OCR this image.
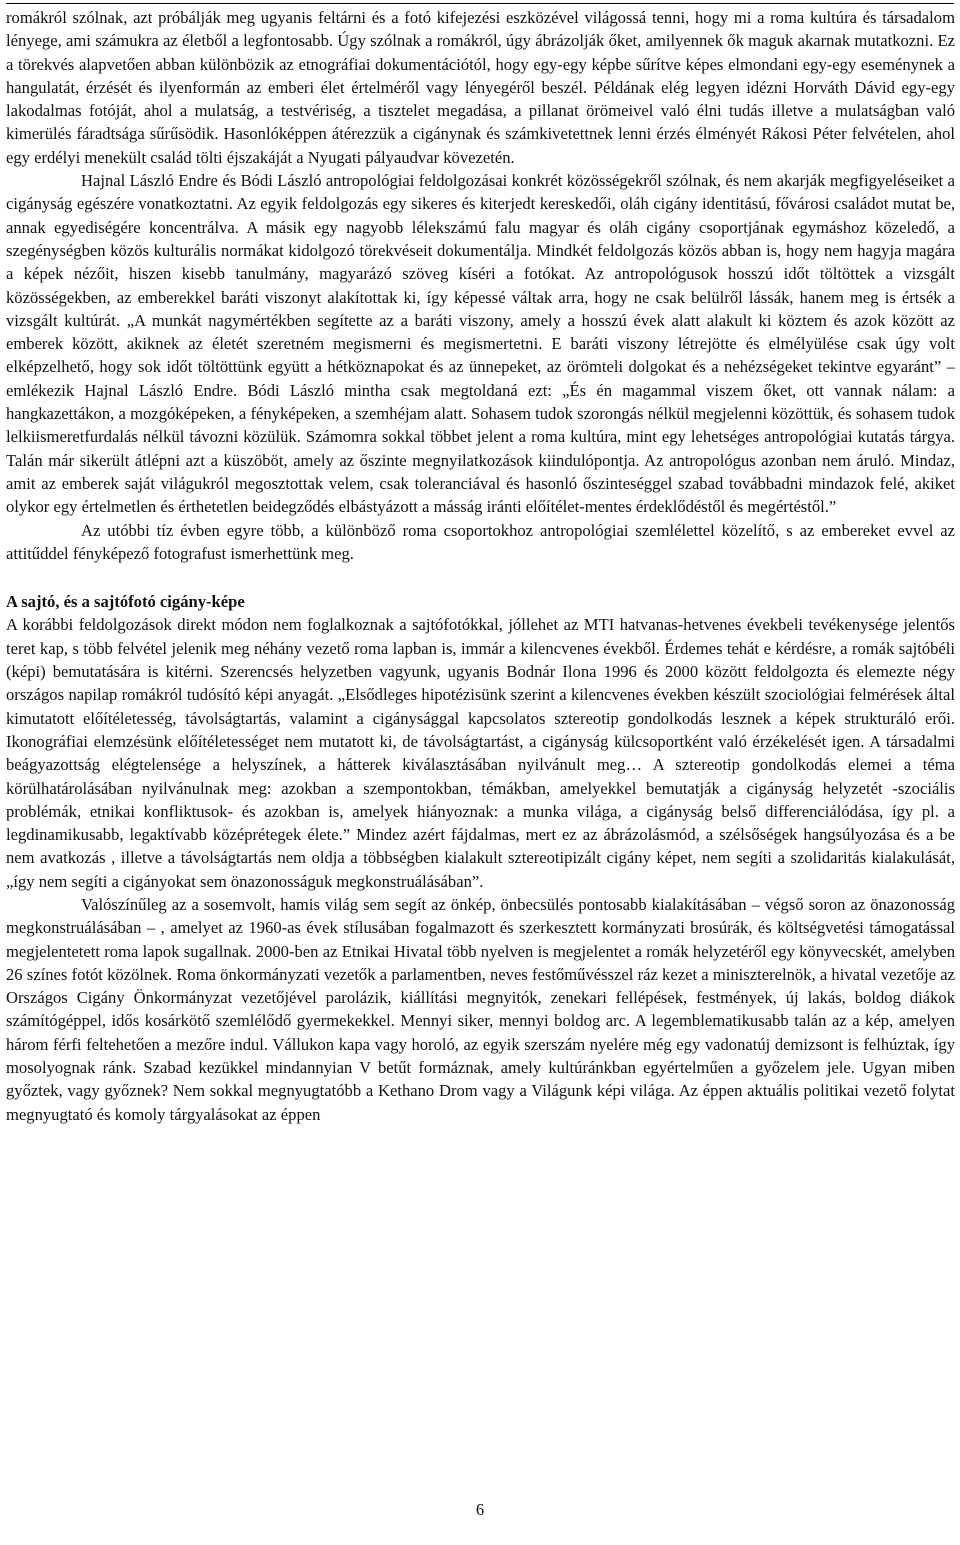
romákról szólnak, azt próbálják meg ugyanis feltárni és a fotó kifejezési eszközével világossá tenni, hogy mi a roma kultúra és társadalom lényege, ami számukra az életből a legfontosabb. Úgy szólnak a romákról, úgy ábrázolják őket, amilyennek ők maguk akarnak mutatkozni. Ez a törekvés alapvetően abban különbözik az etnográfiai dokumentációtól, hogy egy-egy képbe sűrítve képes elmondani egy-egy eseménynek a hangulatát, érzését és ilyenformán az emberi élet értelméről vagy lényegéről beszél. Példának elég legyen idézni Horváth Dávid egy-egy lakodalmas fotóját, ahol a mulatság, a testvériség, a tisztelet megadása, a pillanat örömeivel való élni tudás illetve a mulatságban való kimerülés fáradtsága sűrűsödik. Hasonlóképpen átérezzük a cigánynak és számkivetettnek lenni érzés élményét Rákosi Péter felvételen, ahol egy erdélyi menekült család tölti éjszakáját a Nyugati pályaudvar kövezetén.

Hajnal László Endre és Bódi László antropológiai feldolgozásai konkrét közösségekről szólnak, és nem akarják megfigyeléseiket a cigányság egészére vonatkoztatni. Az egyik feldolgozás egy sikeres és kiterjedt kereskedői, oláh cigány identitású, fővárosi családot mutat be, annak egyediségére koncentrálva. A másik egy nagyobb lélekszámú falu magyar és oláh cigány csoportjának egymáshoz közeledő, a szegénységben közös kulturális normákat kidolgozó törekvéseit dokumentálja. Mindkét feldolgozás közös abban is, hogy nem hagyja magára a képek nézőit, hiszen kisebb tanulmány, magyarázó szöveg kíséri a fotókat. Az antropológusok hosszú időt töltöttek a vizsgált közösségekben, az emberekkel baráti viszonyt alakítottak ki, így képessé váltak arra, hogy ne csak belülről lássák, hanem meg is értsék a vizsgált kultúrát. „A munkát nagymértékben segítette az a baráti viszony, amely a hosszú évek alatt alakult ki köztem és azok között az emberek között, akiknek az életét szeretném megismerni és megismertetni. E baráti viszony létrejötte és elmélyülése csak úgy volt elképzelhető, hogy sok időt töltöttünk együtt a hétköznapokat és az ünnepeket, az örömteli dolgokat és a nehézségeket tekintve egyaránt” – emlékezik Hajnal László Endre. Bódi László mintha csak megtoldaná ezt: „És én magammal viszem őket, ott vannak nálam: a hangkazettákon, a mozgóképeken, a fényképeken, a szemhéjam alatt. Sohasem tudok szorongás nélkül megjelenni közöttük, és sohasem tudok lelkiismeretfurdalás nélkül távozni közülük. Számomra sokkal többet jelent a roma kultúra, mint egy lehetséges antropológiai kutatás tárgya. Talán már sikerült átlépni azt a küszöböt, amely az őszinte megnyilatkozások kiindulópontja. Az antropológus azonban nem áruló. Mindaz, amit az emberek saját világukról megosztottak velem, csak toleranciával és hasonló őszinteséggel szabad továbbadni mindazok felé, akiket olykor egy értelmetlen és érthetetlen beidegződés elbástyázott a másság iránti előítélet-mentes érdeklődéstől és megértéstől.”

Az utóbbi tíz évben egyre több, a különböző roma csoportokhoz antropológiai szemlélettel közelítő, s az embereket evvel az attitűddel fényképező fotografust ismerhettünk meg.

A sajtó, és a sajtófotó cigány-képe

A korábbi feldolgozások direkt módon nem foglalkoznak a sajtófotókkal, jóllehet az MTI hatvanas-hetvenes évekbeli tevékenysége jelentős teret kap, s több felvétel jelenik meg néhány vezető roma lapban is, immár a kilencvenes évekből. Érdemes tehát e kérdésre, a romák sajtóbéli (képi) bemutatására is kitérni. Szerencsés helyzetben vagyunk, ugyanis Bodnár Ilona 1996 és 2000 között feldolgozta és elemezte négy országos napilap romákról tudósító képi anyagát. „Elsődleges hipotézisünk szerint a kilencvenes években készült szociológiai felmérések által kimutatott előítéletesség, távolságtartás, valamint a cigánysággal kapcsolatos sztereotip gondolkodás lesznek a képek strukturáló erői. Ikonográfiai elemzésünk előítéletességet nem mutatott ki, de távolságtartást, a cigányság külcsoportként való érzékelését igen. A társadalmi beágyazottság elégtelensége a helyszínek, a hátterek kiválasztásában nyilvánult meg… A sztereotip gondolkodás elemei a téma körülhatárolásában nyilvánulnak meg: azokban a szempontokban, témákban, amelyekkel bemutatják a cigányság helyzetét -szociális problémák, etnikai konfliktusok- és azokban is, amelyek hiányoznak: a munka világa, a cigányság belső differenciálódása, így pl. a legdinamikusabb, legaktívabb középrétegek élete.” Mindez azért fájdalmas, mert ez az ábrázolásmód, a szélsőségek hangsúlyozása és a be nem avatkozás , illetve a távolságtartás nem oldja a többségben kialakult sztereotipizált cigány képet, nem segíti a szolidaritás kialakulását, „így nem segíti a cigányokat sem önazonosságuk megkonstruálásában”.

Valószínűleg az a sosemvolt, hamis világ sem segít az önkép, önbecsülés pontosabb kialakításában – végső soron az önazonosság megkonstruálásában – , amelyet az 1960-as évek stílusában fogalmazott és szerkesztett kormányzati brosúrák, és költségvetési támogatással megjelentetett roma lapok sugallnak. 2000-ben az Etnikai Hivatal több nyelven is megjelentet a romák helyzetéről egy könyvecskét, amelyben 26 színes fotót közölnek. Roma önkormányzati vezetők a parlamentben, neves festőművésszel ráz kezet a miniszterelnök, a hivatal vezetője az Országos Cigány Önkormányzat vezetőjével parolázik, kiállítási megnyitók, zenekari fellépések, festmények, új lakás, boldog diákok számítógéppel, idős kosárkötő szemlélődő gyermekekkel. Mennyi siker, mennyi boldog arc. A legemblematikusabb talán az a kép, amelyen három férfi feltehetően a mezőre indul. Vállukon kapa vagy horoló, az egyik szerszám nyelére még egy vadonatúj demizsont is felhúztak, így mosolyognak ránk. Szabad kezükkel mindannyian V betűt formáznak, amely kultúránkban egyértelműen a győzelem jele. Ugyan miben győztek, vagy győznek? Nem sokkal megnyugtatóbb a Kethano Drom vagy a Világunk képi világa. Az éppen aktuális politikai vezető folytat megnyugtató és komoly tárgyalásokat az éppen

6
